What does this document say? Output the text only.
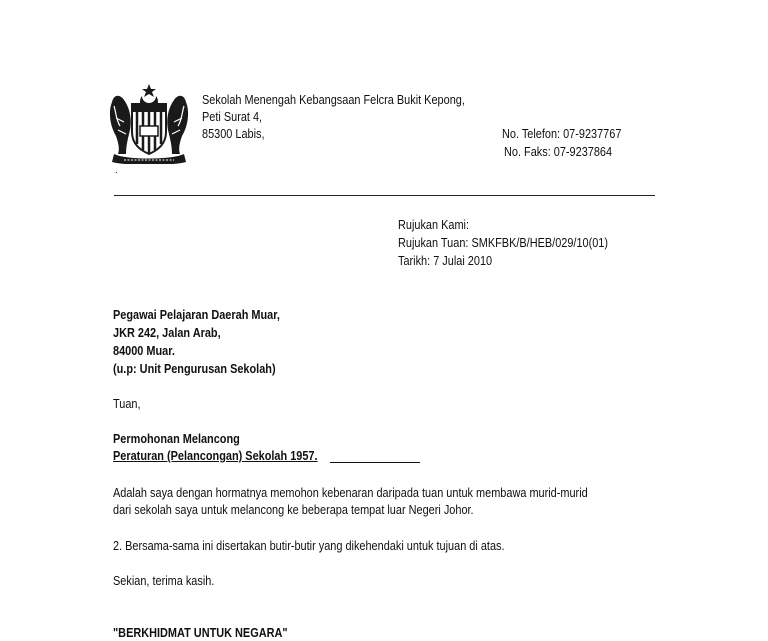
Sekolah Menengah Kebangsaan Felcra Bukit Kepong,
Peti Surat 4,
85300 Labis,	No. Telefon: 07-9237767
No. Faks: 07-9237864
.
Rujukan Kami:
Rujukan Tuan: SMKFBK/B/HEB/029/10(01)
Tarikh: 7 Julai 2010
Pegawai Pelajaran Daerah Muar,
JKR 242, Jalan Arab,
84000 Muar.
(u.p: Unit Pengurusan Sekolah)
Tuan,
Permohonan Melancong
Peraturan (Pelancongan) Sekolah 1957.
Adalah saya dengan hormatnya memohon kebenaran daripada tuan untuk membawa murid-murid
dari sekolah saya untuk melancong ke beberapa tempat luar Negeri Johor.
2. Bersama-sama ini disertakan butir-butir yang dikehendaki untuk tujuan di atas.
Sekian, terima kasih.
"BERKHIDMAT UNTUK NEGARA"
